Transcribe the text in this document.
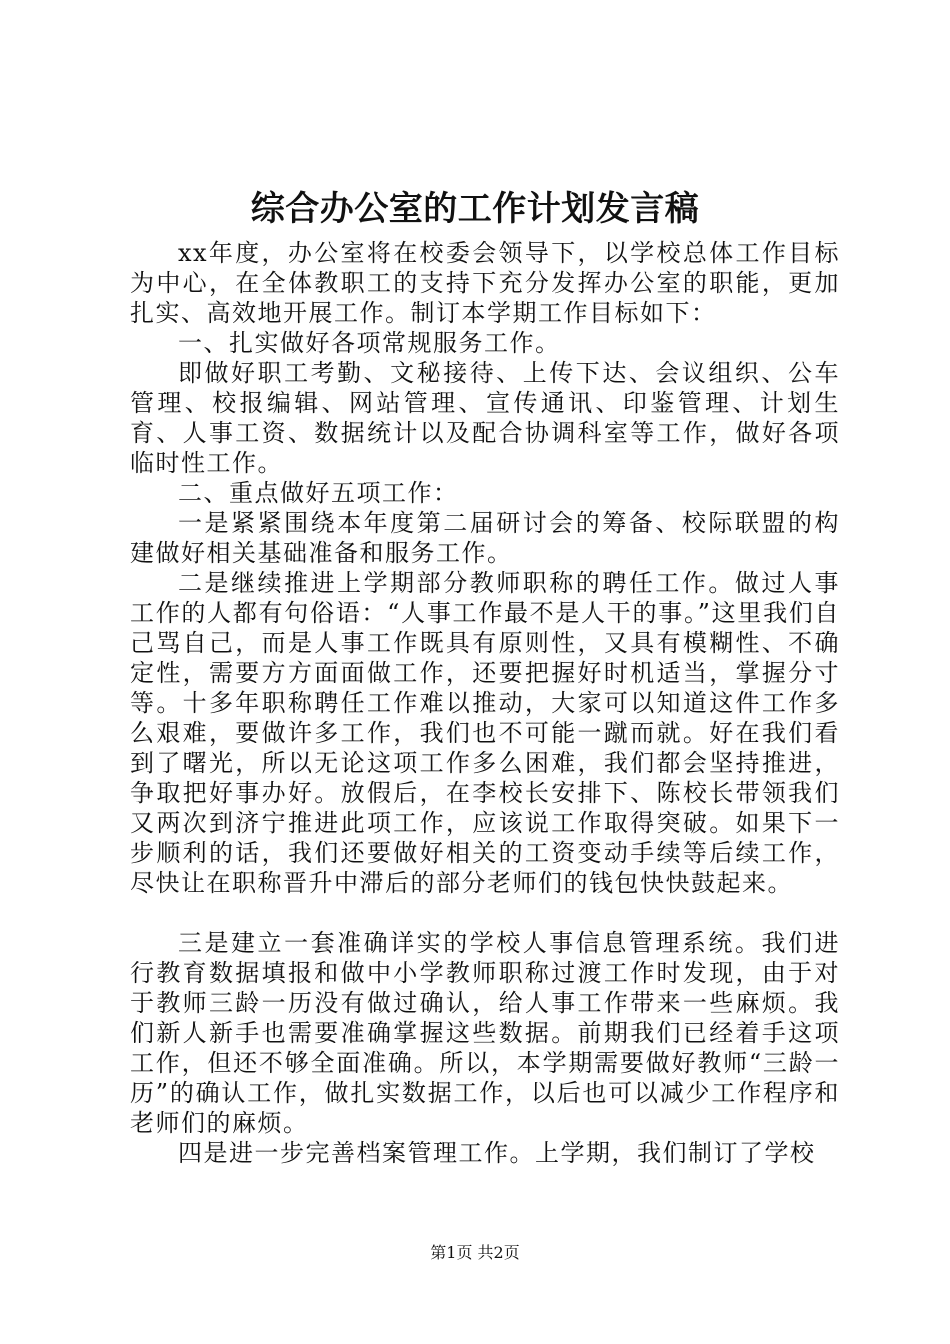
综合办公室的工作计划发言稿

xx年度，办公室将在校委会领导下，以学校总体工作目标为中心，在全体教职工的支持下充分发挥办公室的职能，更加扎实、高效地开展工作。制订本学期工作目标如下：

一、扎实做好各项常规服务工作。

即做好职工考勤、文秘接待、上传下达、会议组织、公车管理、校报编辑、网站管理、宣传通讯、印鉴管理、计划生育、人事工资、数据统计以及配合协调科室等工作，做好各项临时性工作。

二、重点做好五项工作：

一是紧紧围绕本年度第二届研讨会的筹备、校际联盟的构建做好相关基础准备和服务工作。

二是继续推进上学期部分教师职称的聘任工作。做过人事工作的人都有句俗语：“人事工作最不是人干的事。”这里我们自己骂自己，而是人事工作既具有原则性，又具有模糊性、不确定性，需要方方面面做工作，还要把握好时机适当，掌握分寸等。十多年职称聘任工作难以推动，大家可以知道这件工作多么艰难，要做许多工作，我们也不可能一蹴而就。好在我们看到了曙光，所以无论这项工作多么困难，我们都会坚持推进，争取把好事办好。放假后，在李校长安排下、陈校长带领我们又两次到济宁推进此项工作，应该说工作取得突破。如果下一步顺利的话，我们还要做好相关的工资变动手续等后续工作，尽快让在职称晋升中滞后的部分老师们的钱包快快鼓起来。

三是建立一套准确详实的学校人事信息管理系统。我们进行教育数据填报和做中小学教师职称过渡工作时发现，由于对于教师三龄一历没有做过确认，给人事工作带来一些麻烦。我们新人新手也需要准确掌握这些数据。前期我们已经着手这项工作，但还不够全面准确。所以，本学期需要做好教师“三龄一历”的确认工作，做扎实数据工作，以后也可以减少工作程序和老师们的麻烦。

四是进一步完善档案管理工作。上学期，我们制订了学校

第1页 共2页
